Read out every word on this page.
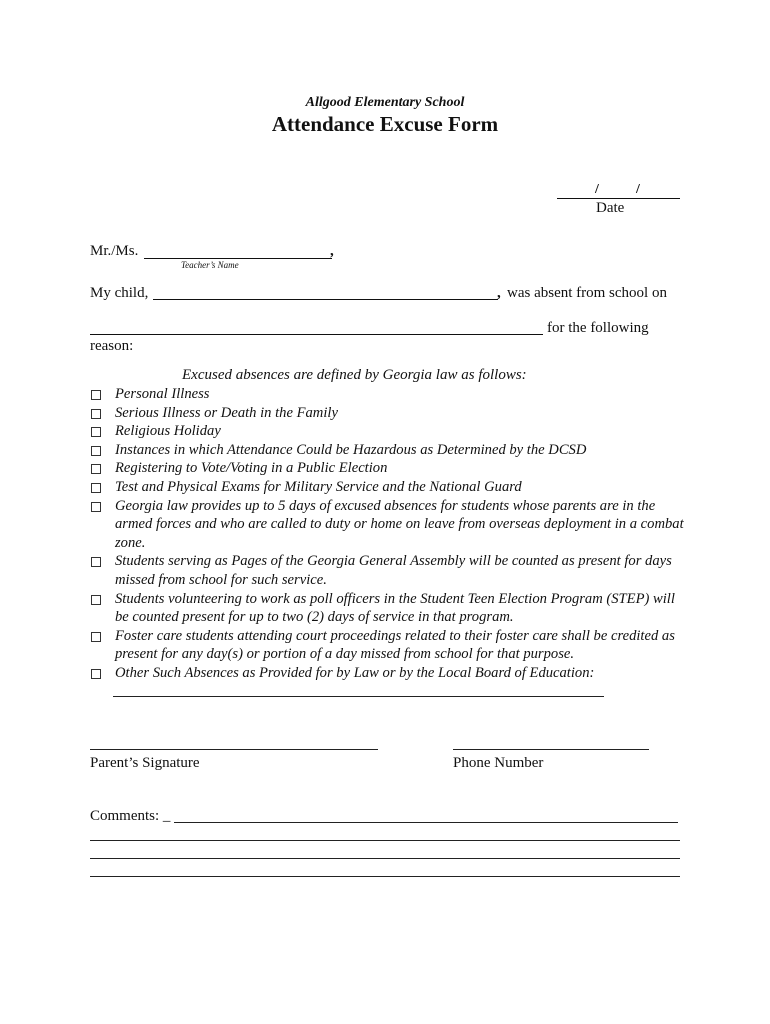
Allgood Elementary School
Attendance Excuse Form
/	/
Date
Mr./Ms.	,
Teacher’s Name
My child,	, was absent from school on
for the following
reason:
Excused absences are defined by Georgia law as follows:
Personal Illness
Serious Illness or Death in the Family
Religious Holiday
Instances in which Attendance Could be Hazardous as Determined by the DCSD
Registering to Vote/Voting in a Public Election
Test and Physical Exams for Military Service and the National Guard
Georgia law provides up to 5 days of excused absences for students whose parents are in the armed forces and who are called to duty or home on leave from overseas deployment in a combat zone.
Students serving as Pages of the Georgia General Assembly will be counted as present for days missed from school for such service.
Students volunteering to work as poll officers in the Student Teen Election Program (STEP) will be counted present for up to two (2) days of service in that program.
Foster care students attending court proceedings related to their foster care shall be credited as present for any day(s) or portion of a day missed from school for that purpose.
Other Such Absences as Provided for by Law or by the Local Board of Education:
Parent’s Signature	Phone Number
Comments: _
